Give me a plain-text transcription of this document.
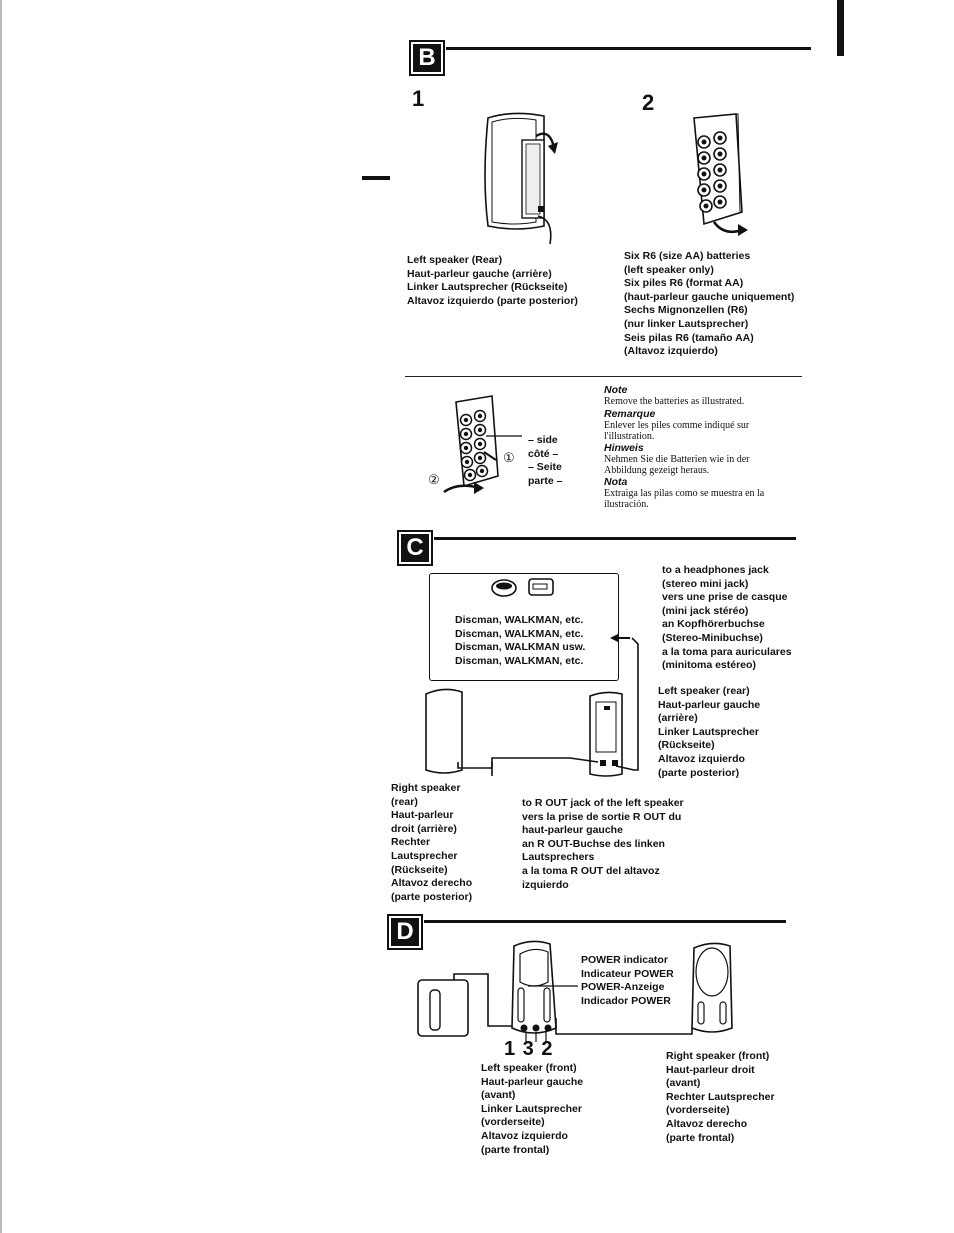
B
1	2
Left speaker (Rear)
Haut-parleur gauche (arrière)
Linker Lautsprecher (Rückseite)
Altavoz izquierdo (parte posterior)
Six R6 (size AA) batteries
(left speaker only)
Six piles R6 (format AA)
(haut-parleur gauche uniquement)
Sechs Mignonzellen (R6)
(nur linker Lautsprecher)
Seis pilas R6 (tamaño AA)
(Altavoz izquierdo)
②
①
– side
côté –
– Seite
parte –
Note
Remove the batteries as illustrated.
Remarque
Enlever les piles comme indiqué sur
l'illustration.
Hinweis
Nehmen Sie die Batterien wie in der
Abbildung gezeigt heraus.
Nota
Extraiga las pilas como se muestra en la
ilustración.
C
Discman, WALKMAN, etc.
Discman, WALKMAN, etc.
Discman, WALKMAN usw.
Discman, WALKMAN, etc.
to a headphones jack
(stereo mini jack)
vers une prise de casque
(mini jack stéréo)
an Kopfhörerbuchse
(Stereo-Minibuchse)
a la toma para auriculares
(minitoma estéreo)
Left speaker (rear)
Haut-parleur gauche
(arrière)
Linker Lautsprecher
(Rückseite)
Altavoz izquierdo
(parte posterior)
Right speaker
(rear)
Haut-parleur
droit (arrière)
Rechter
Lautsprecher
(Rückseite)
Altavoz derecho
(parte posterior)
to R OUT jack of the left speaker
vers la prise de sortie R OUT du
haut-parleur gauche
an R OUT-Buchse des linken
Lautsprechers
a la toma R OUT del altavoz
izquierdo
D
1 3 2
POWER indicator
Indicateur POWER
POWER-Anzeige
Indicador POWER
Left speaker (front)
Haut-parleur gauche
(avant)
Linker Lautsprecher
(vorderseite)
Altavoz izquierdo
(parte frontal)
Right speaker (front)
Haut-parleur droit
(avant)
Rechter Lautsprecher
(vorderseite)
Altavoz derecho
(parte frontal)
